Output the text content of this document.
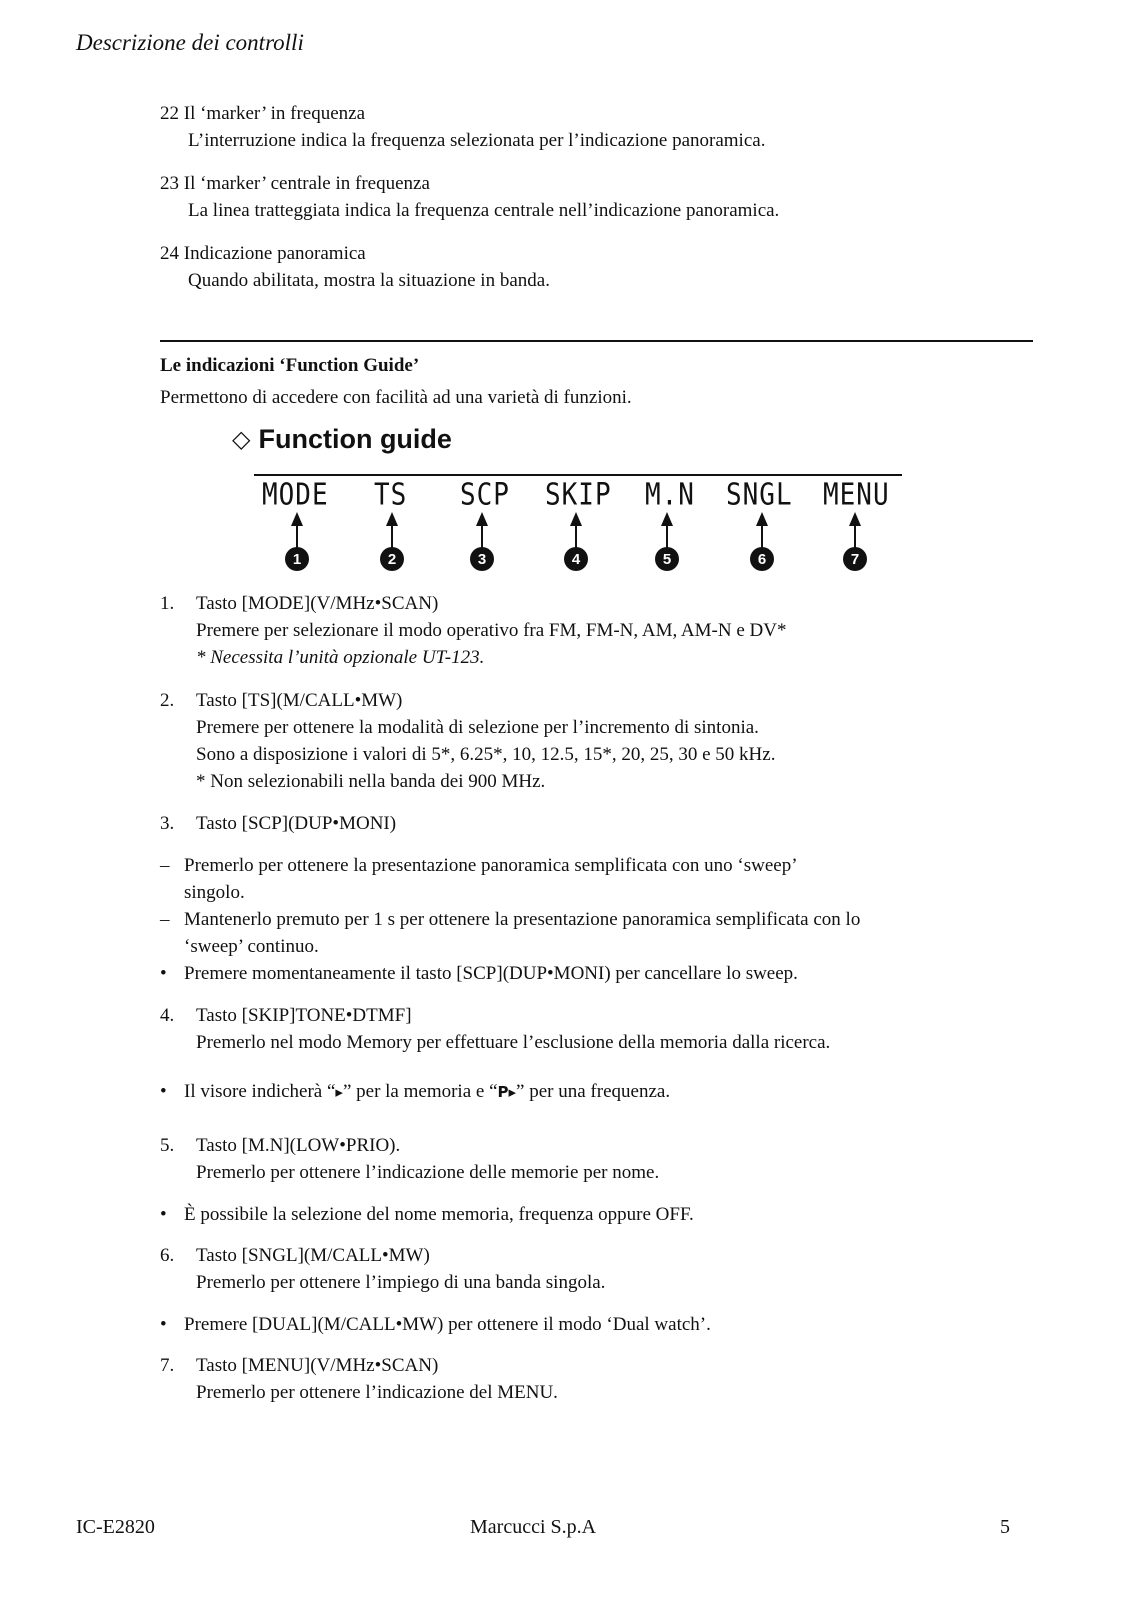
Descrizione dei controlli
22 Il ‘marker’ in frequenza
L’interruzione indica la frequenza selezionata per l’indicazione panoramica.
23 Il ‘marker’ centrale in frequenza
La linea tratteggiata indica la frequenza centrale nell’indicazione panoramica.
24 Indicazione panoramica
Quando abilitata, mostra la situazione in banda.
Le indicazioni ‘Function Guide’
Permettono di accedere con facilità ad una varietà di funzioni.
◇ Function guide
MODE TS SCP SKIP M.N SNGL MENU
1	2	3	4	5	6	7
1. Tasto [MODE](V/MHz•SCAN)
Premere per selezionare il modo operativo fra FM, FM-N, AM, AM-N e DV*
* Necessita l’unità opzionale UT-123.
2. Tasto [TS](M/CALL•MW)
Premere per ottenere la modalità di selezione per l’incremento di sintonia.
Sono a disposizione i valori di 5*, 6.25*, 10, 12.5, 15*, 20, 25, 30 e 50 kHz.
* Non selezionabili nella banda dei 900 MHz.
3. Tasto [SCP](DUP•MONI)
– Premerlo per ottenere la presentazione panoramica semplificata con uno ‘sweep’
singolo.
– Mantenerlo premuto per 1 s per ottenere la presentazione panoramica semplificata con lo
‘sweep’ continuo.
• Premere momentaneamente il tasto [SCP](DUP•MONI) per cancellare lo sweep.
4. Tasto [SKIP]TONE•DTMF]
Premerlo nel modo Memory per effettuare l’esclusione della memoria dalla ricerca.
• Il visore indicherà “▸” per la memoria e “P▸” per una frequenza.
5. Tasto [M.N](LOW•PRIO).
Premerlo per ottenere l’indicazione delle memorie per nome.
• È possibile la selezione del nome memoria, frequenza oppure OFF.
6. Tasto [SNGL](M/CALL•MW)
Premerlo per ottenere l’impiego di una banda singola.
• Premere [DUAL](M/CALL•MW) per ottenere il modo ‘Dual watch’.
7. Tasto [MENU](V/MHz•SCAN)
Premerlo per ottenere l’indicazione del MENU.
IC-E2820	Marcucci S.p.A	5
